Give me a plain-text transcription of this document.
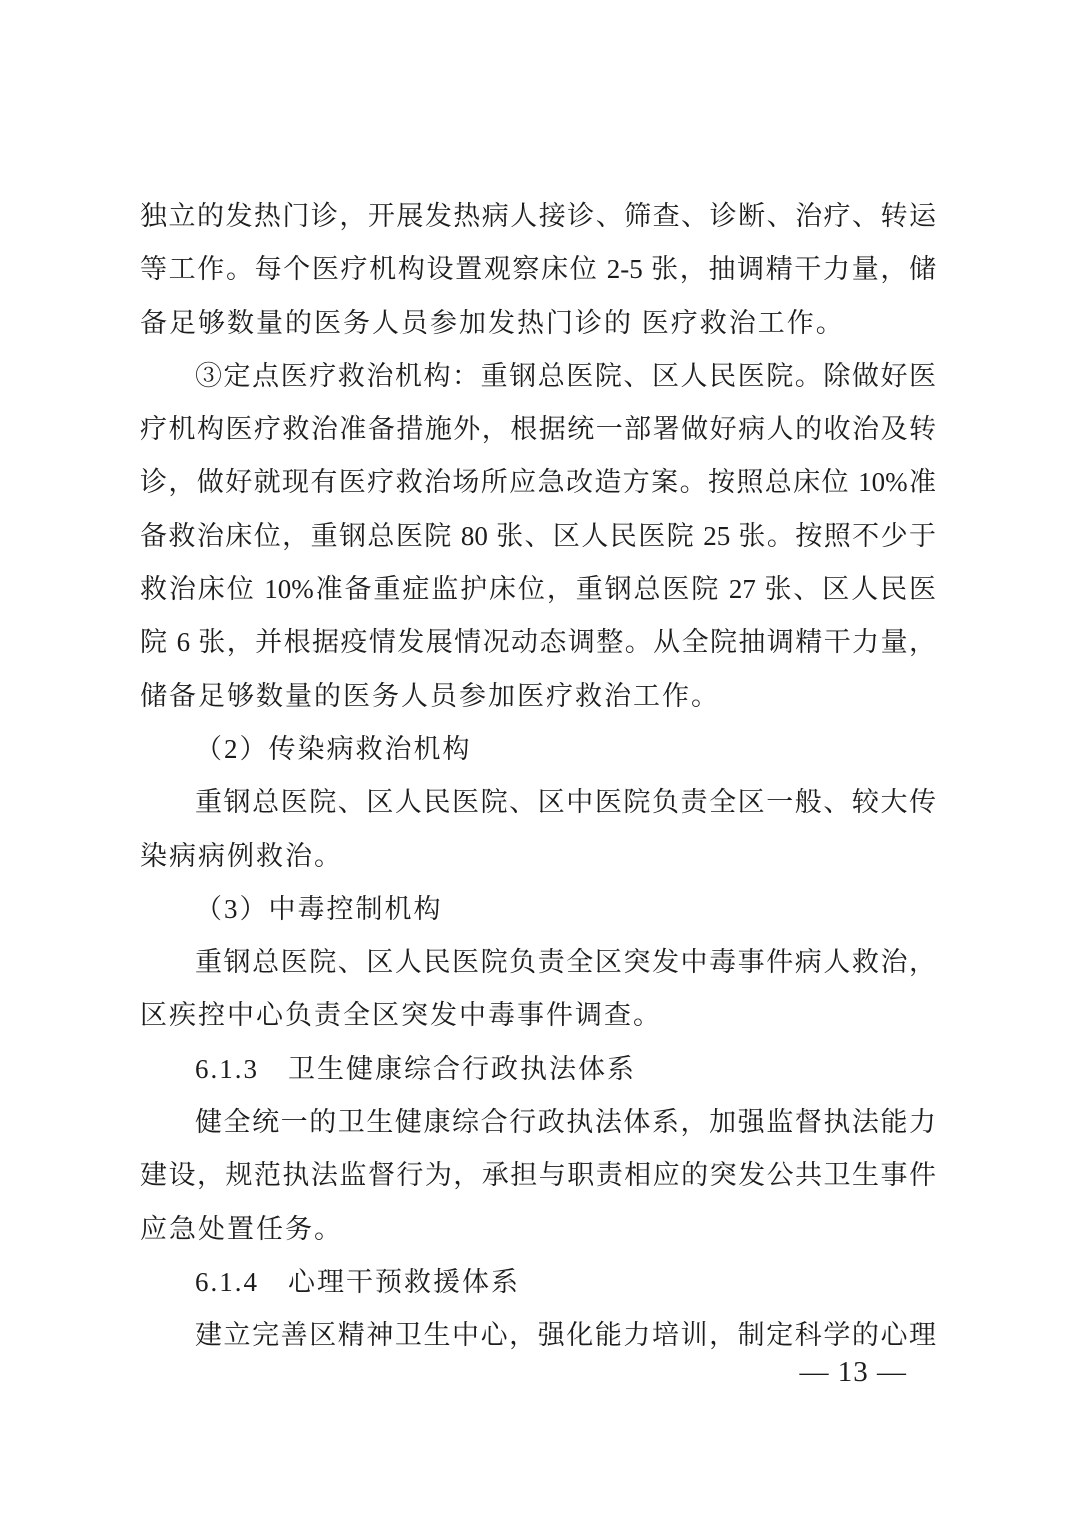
独立的发热门诊，开展发热病人接诊、筛查、诊断、治疗、转运
等工作。每个医疗机构设置观察床位 2-5 张，抽调精干力量，储
备足够数量的医务人员参加发热门诊的 医疗救治工作。
③定点医疗救治机构：重钢总医院、区人民医院。除做好医
疗机构医疗救治准备措施外，根据统一部署做好病人的收治及转
诊，做好就现有医疗救治场所应急改造方案。按照总床位 10%准
备救治床位，重钢总医院 80 张、区人民医院 25 张。按照不少于
救治床位 10%准备重症监护床位，重钢总医院 27 张、区人民医
院 6 张，并根据疫情发展情况动态调整。从全院抽调精干力量，
储备足够数量的医务人员参加医疗救治工作。
（2）传染病救治机构
重钢总医院、区人民医院、区中医院负责全区一般、较大传
染病病例救治。
（3）中毒控制机构
重钢总医院、区人民医院负责全区突发中毒事件病人救治，
区疾控中心负责全区突发中毒事件调查。
6.1.3　卫生健康综合行政执法体系
健全统一的卫生健康综合行政执法体系，加强监督执法能力
建设，规范执法监督行为，承担与职责相应的突发公共卫生事件
应急处置任务。
6.1.4　心理干预救援体系
建立完善区精神卫生中心，强化能力培训，制定科学的心理
— 13 —
